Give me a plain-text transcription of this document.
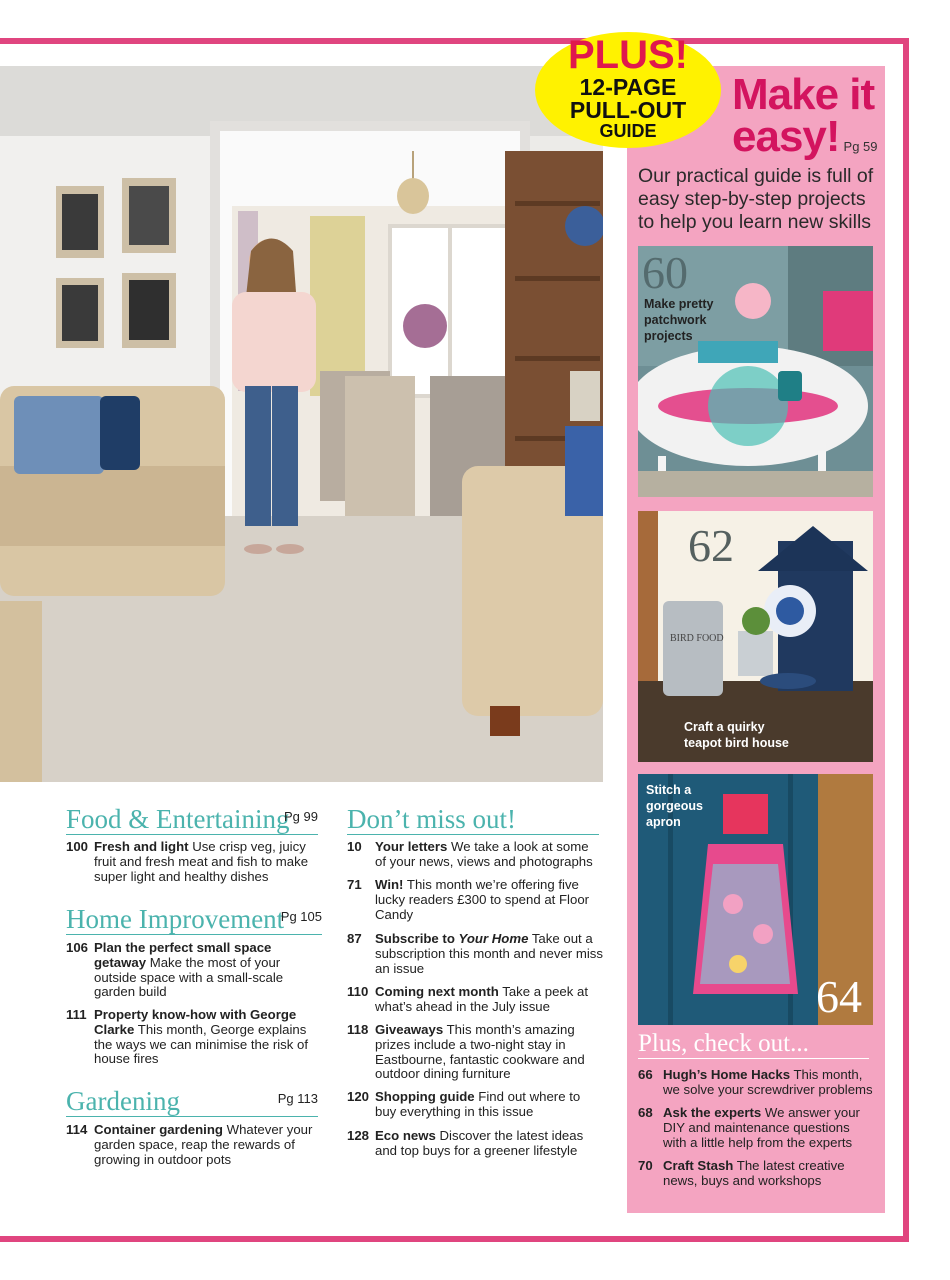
PLUS!
12-PAGE
PULL-OUT
GUIDE
Make it
easy! Pg 59
Our practical guide is full of easy step-by-step projects to help you learn new skills
60
Make pretty patchwork projects
62
BIRD FOOD
Craft a quirky teapot bird house
Stitch a gorgeous apron
64
Plus, check out...
66 Hugh’s Home Hacks This month, we solve your screwdriver problems
68 Ask the experts We answer your DIY and maintenance questions with a little help from the experts
70 Craft Stash The latest creative news, buys and workshops
Food & Entertaining
Pg 99
100 Fresh and light Use crisp veg, juicy fruit and fresh meat and fish to make super light and healthy dishes
Home Improvement
Pg 105
106 Plan the perfect small space getaway Make the most of your outside space with a small-scale garden build
111 Property know-how with George Clarke This month, George explains the ways we can minimise the risk of house fires
Gardening	Pg 113
114 Container gardening Whatever your garden space, reap the rewards of growing in outdoor pots
Don’t miss out!
10	Your letters We take a look at some of your news, views and photographs
71	Win! This month we’re offering five lucky readers £300 to spend at Floor Candy
87	Subscribe to Your Home Take out a subscription this month and never miss an issue
110 Coming next month Take a peek at what’s ahead in the July issue
118 Giveaways This month’s amazing prizes include a two-night stay in Eastbourne, fantastic cookware and outdoor dining furniture
120 Shopping guide Find out where to buy everything in this issue
128 Eco news Discover the latest ideas and top buys for a greener lifestyle
